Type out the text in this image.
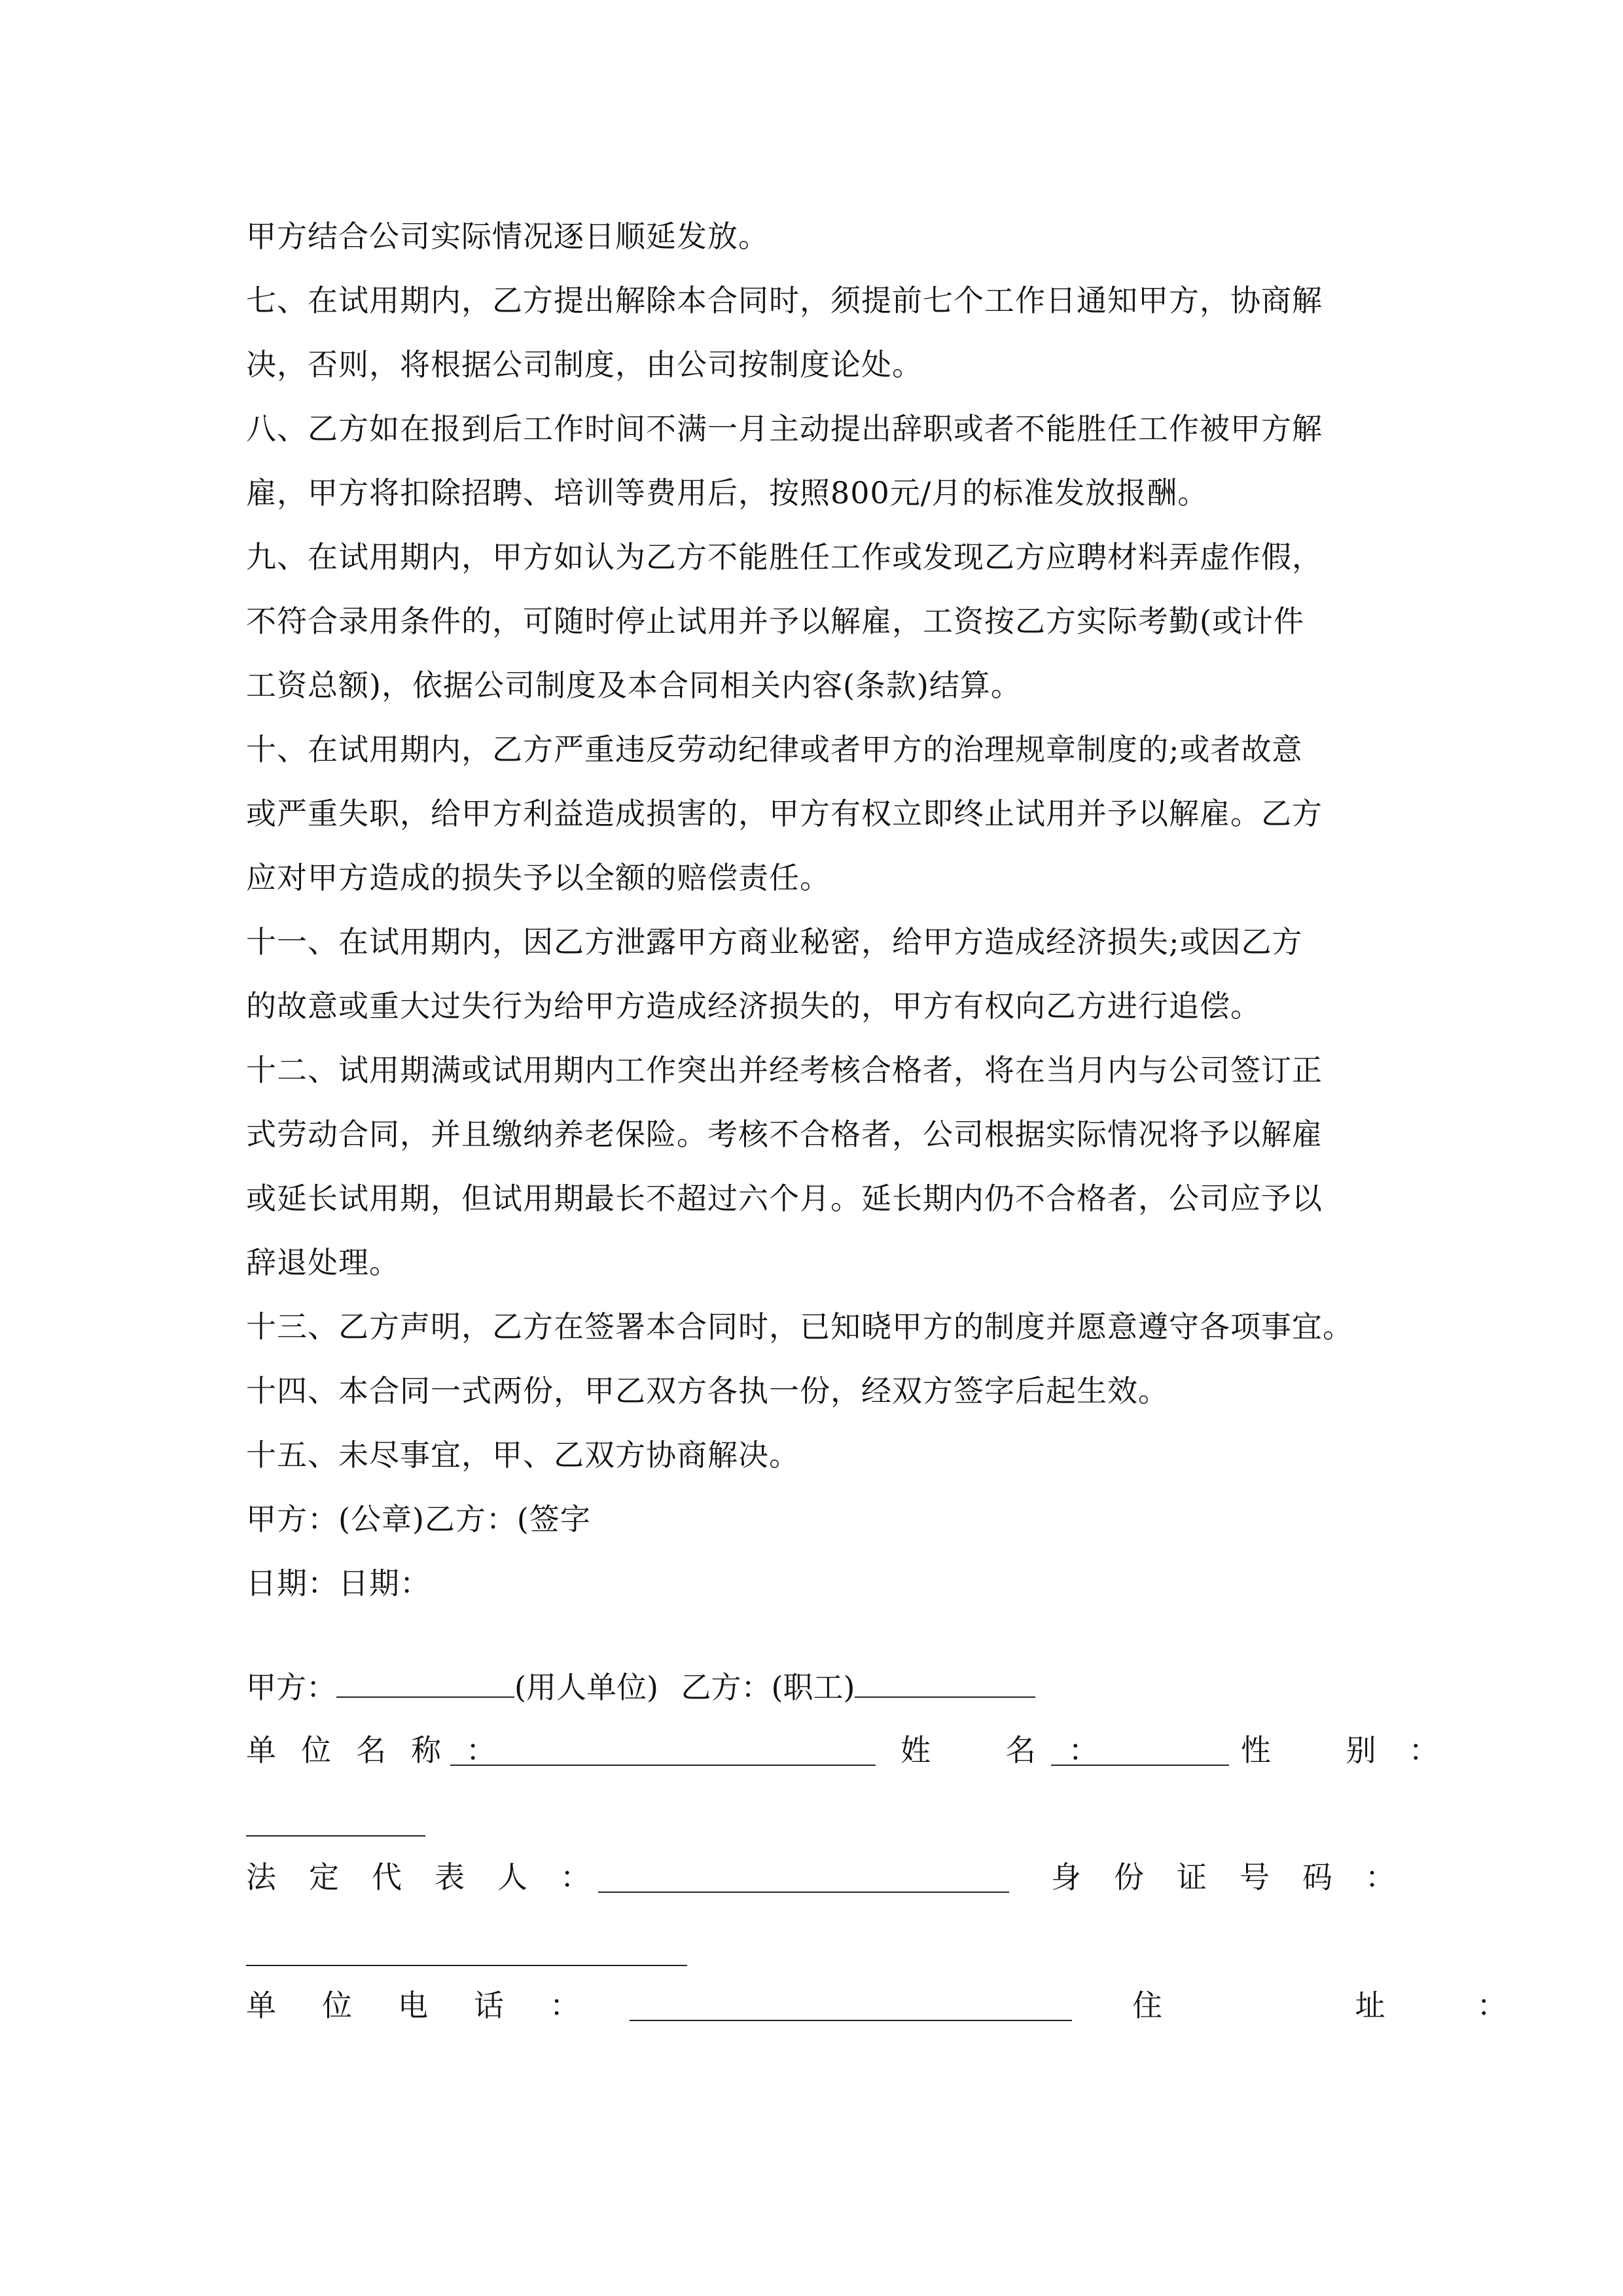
甲方结合公司实际情况逐日顺延发放。

七、在试用期内，乙方提出解除本合同时，须提前七个工作日通知甲方，协商解

决，否则，将根据公司制度，由公司按制度论处。

八、乙方如在报到后工作时间不满一月主动提出辞职或者不能胜任工作被甲方解

雇，甲方将扣除招聘、培训等费用后，按照800元/月的标准发放报酬。

九、在试用期内，甲方如认为乙方不能胜任工作或发现乙方应聘材料弄虚作假，

不符合录用条件的，可随时停止试用并予以解雇，工资按乙方实际考勤(或计件

工资总额)，依据公司制度及本合同相关内容(条款)结算。

十、在试用期内，乙方严重违反劳动纪律或者甲方的治理规章制度的;或者故意

或严重失职，给甲方利益造成损害的，甲方有权立即终止试用并予以解雇。乙方

应对甲方造成的损失予以全额的赔偿责任。

十一、在试用期内，因乙方泄露甲方商业秘密，给甲方造成经济损失;或因乙方

的故意或重大过失行为给甲方造成经济损失的，甲方有权向乙方进行追偿。

十二、试用期满或试用期内工作突出并经考核合格者，将在当月内与公司签订正

式劳动合同，并且缴纳养老保险。考核不合格者，公司根据实际情况将予以解雇

或延长试用期，但试用期最长不超过六个月。延长期内仍不合格者，公司应予以

辞退处理。

十三、乙方声明，乙方在签署本合同时，已知晓甲方的制度并愿意遵守各项事宜。

十四、本合同一式两份，甲乙双方各执一份，经双方签字后起生效。

十五、未尽事宜，甲、乙双方协商解决。

甲方：(公章)乙方：(签字

日期：日期：

甲方：	(用人单位) 乙方：(职工)
单位名称：	姓 名：	性 别：
法定代表人：	身份证号码：
单位电话：	住 址：
